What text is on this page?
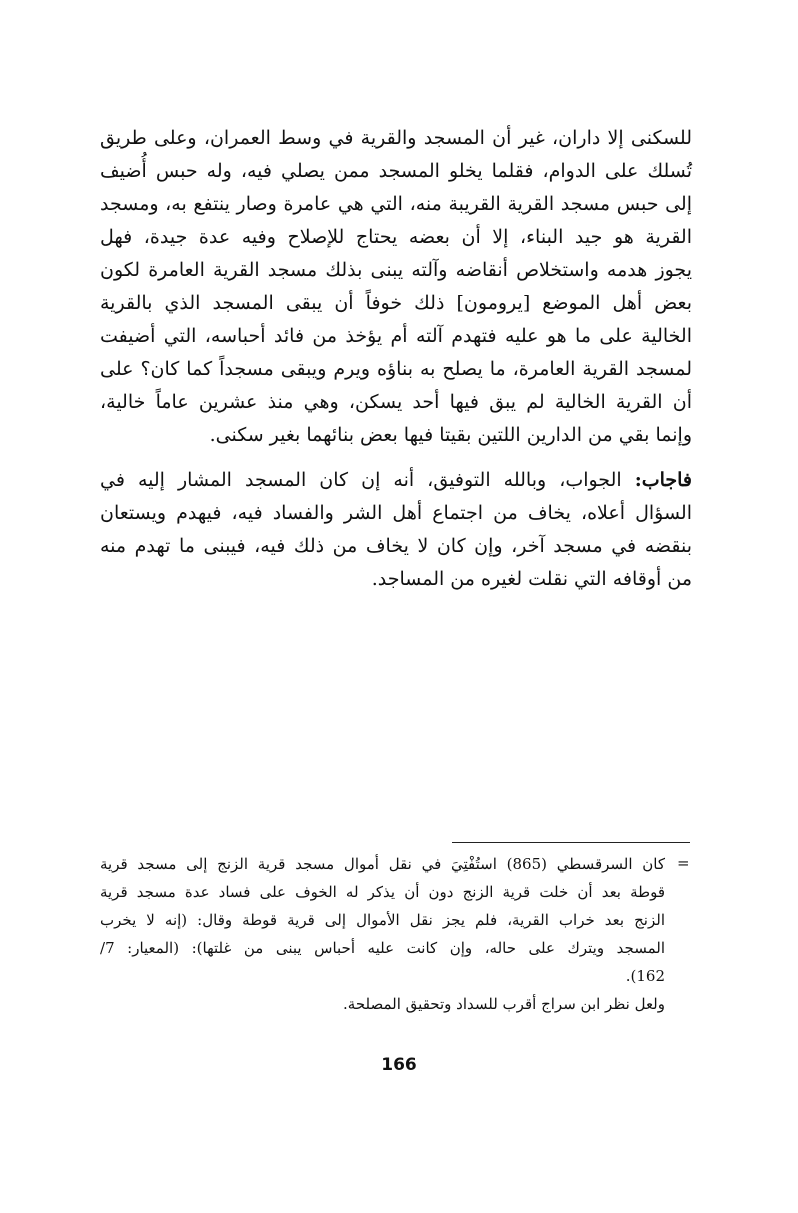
للسكنى إلا داران، غير أن المسجد والقرية في وسط العمران، وعلى طريق
تُسلك على الدوام، فقلما يخلو المسجد ممن يصلي فيه، وله حبس أُضيف
إلى حبس مسجد القرية القريبة منه، التي هي عامرة وصار ينتفع به، ومسجد
القرية هو جيد البناء، إلا أن بعضه يحتاج للإصلاح وفيه عدة جيدة، فهل
يجوز هدمه واستخلاص أنقاضه وآلته يبنى بذلك مسجد القرية العامرة لكون
بعض أهل الموضع [يرومون] ذلك خوفاً أن يبقى المسجد الذي بالقرية
الخالية على ما هو عليه فتهدم آلته أم يؤخذ من فائد أحباسه، التي أضيفت
لمسجد القرية العامرة، ما يصلح به بناؤه ويرم ويبقى مسجداً كما كان؟ على
أن القرية الخالية لم يبق فيها أحد يسكن، وهي منذ عشرين عاماً خالية،
وإنما بقي من الدارين اللتين بقيتا فيها بعض بنائهما بغير سكنى.
فاجاب: الجواب، وبالله التوفيق، أنه إن كان المسجد المشار إليه في
السؤال أعلاه، يخاف من اجتماع أهل الشر والفساد فيه، فيهدم ويستعان
بنقضه في مسجد آخر، وإن كان لا يخاف من ذلك فيه، فيبنى ما تهدم منه
من أوقافه التي نقلت لغيره من المساجد.
=
كان السرقسطي (865) استُفْتِيَ في نقل أموال مسجد قرية الزنج إلى مسجد قرية
قوطة بعد أن خلت قرية الزنج دون أن يذكر له الخوف على فساد عدة مسجد قرية
الزنج بعد خراب القرية، فلم يجز نقل الأموال إلى قرية قوطة وقال: (إنه لا يخرب
المسجد ويترك على حاله، وإن كانت عليه أحباس يبنى من غلتها): (المعيار: 7/
162).
ولعل نظر ابن سراج أقرب للسداد وتحقيق المصلحة.
166
